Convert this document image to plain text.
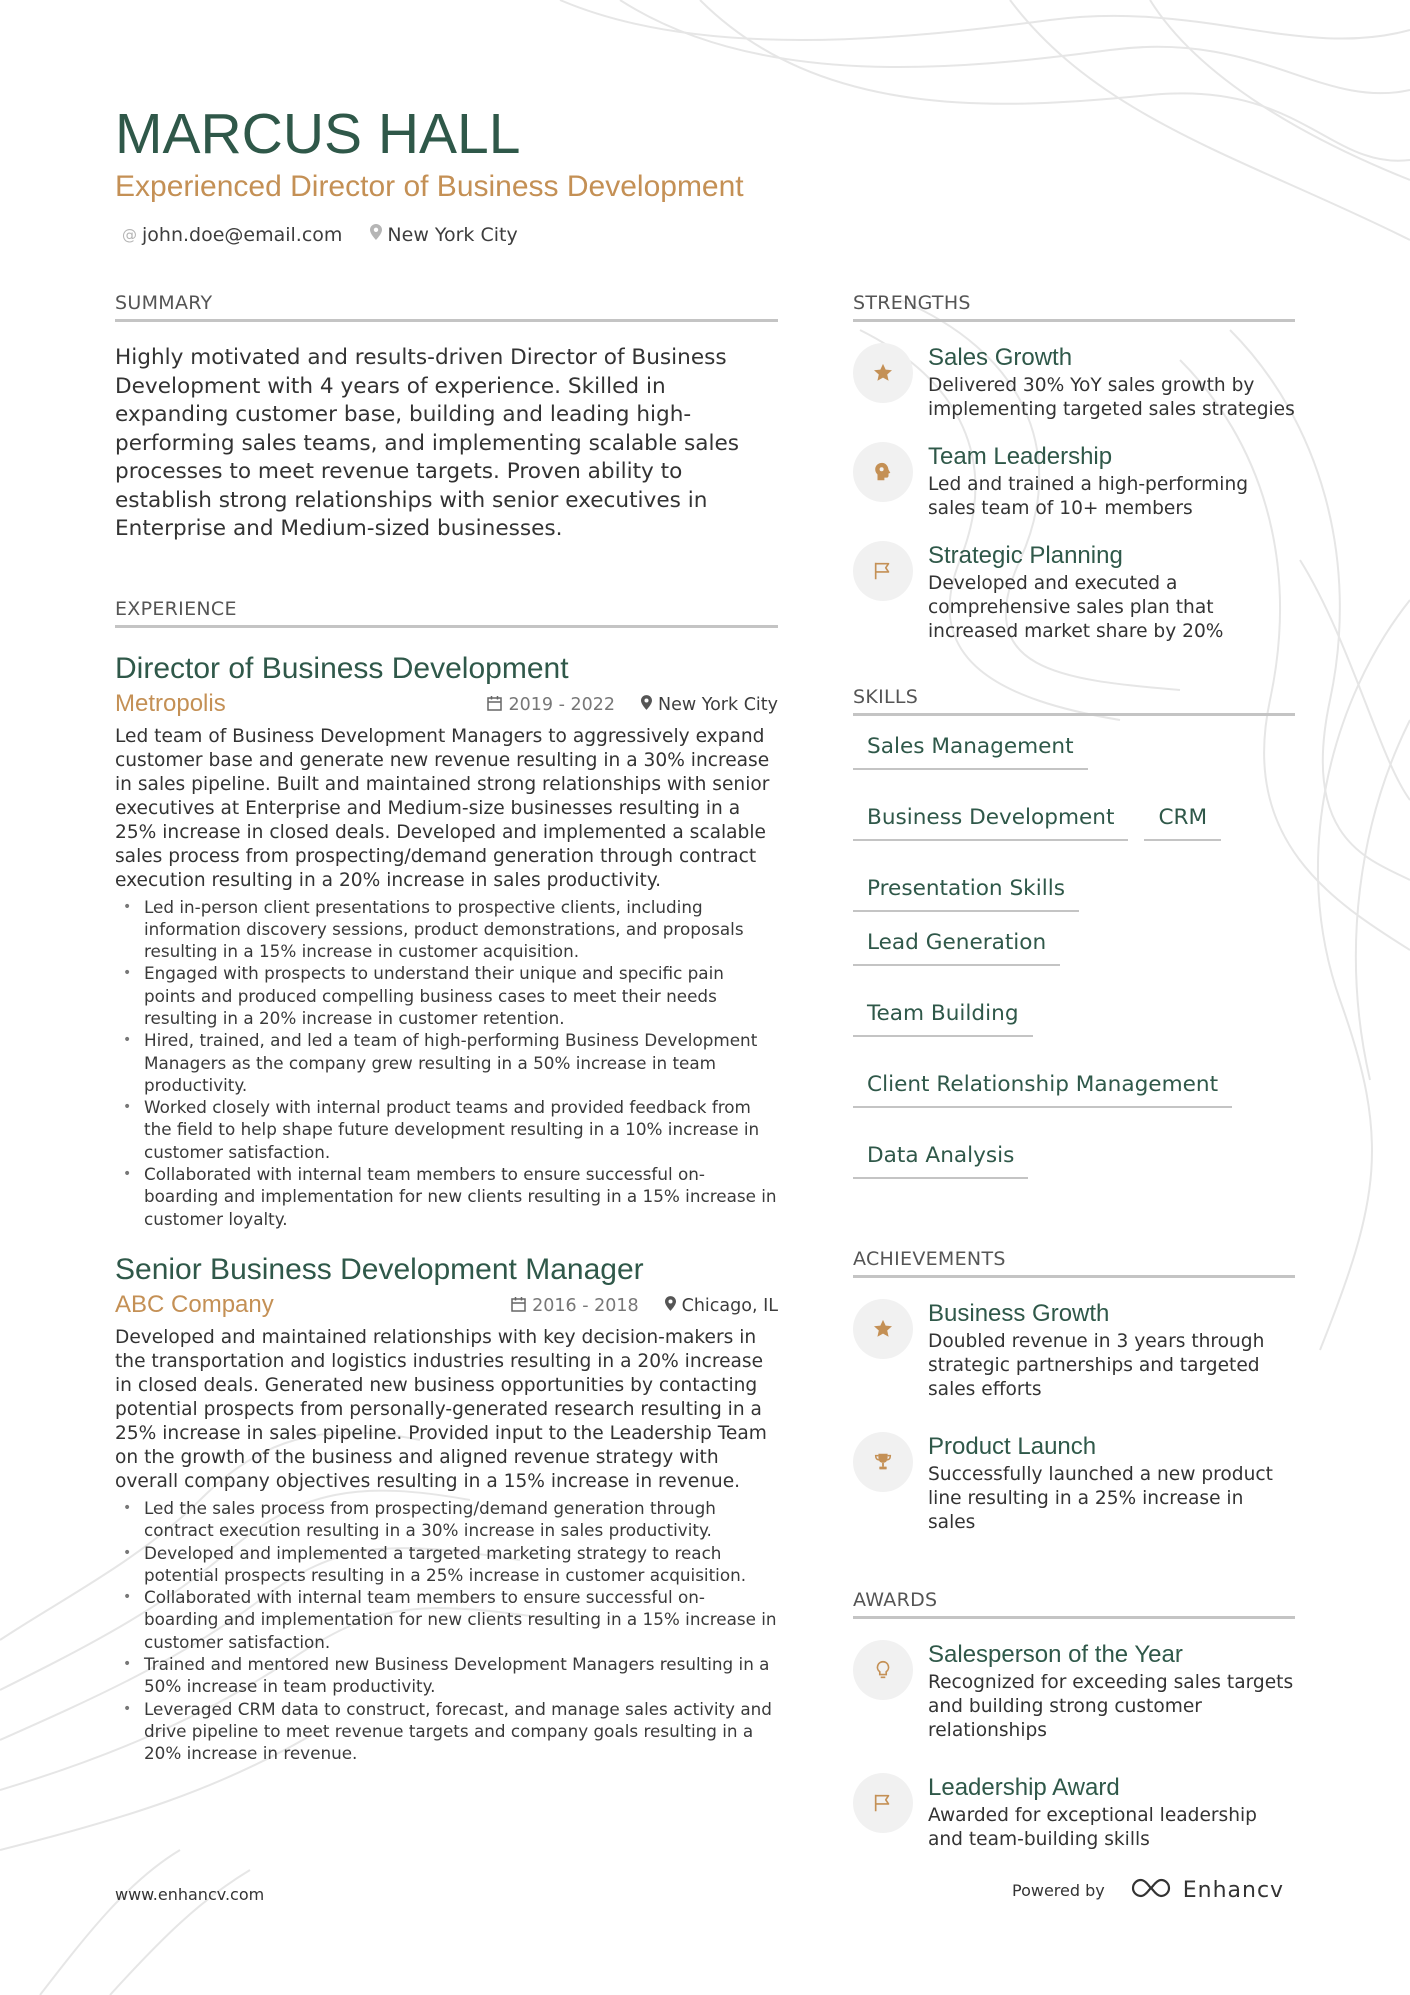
MARCUS HALL
Experienced Director of Business Development
@ john.doe@email.com New York City
SUMMARY

Highly motivated and results-driven Director of Business Development with 4 years of experience. Skilled in expanding customer base, building and leading high-performing sales teams, and implementing scalable sales processes to meet revenue targets. Proven ability to establish strong relationships with senior executives in Enterprise and Medium-sized businesses.

EXPERIENCE
Director of Business Development
Metropolis	2019 - 2022 New York City

Led team of Business Development Managers to aggressively expand customer base and generate new revenue resulting in a 30% increase in sales pipeline. Built and maintained strong relationships with senior executives at Enterprise and Medium-size businesses resulting in a 25% increase in closed deals. Developed and implemented a scalable sales process from prospecting/demand generation through contract execution resulting in a 20% increase in sales productivity.

• Led in-person client presentations to prospective clients, including information discovery sessions, product demonstrations, and proposals resulting in a 15% increase in customer acquisition.
• Engaged with prospects to understand their unique and specific pain points and produced compelling business cases to meet their needs resulting in a 20% increase in customer retention.
• Hired, trained, and led a team of high-performing Business Development Managers as the company grew resulting in a 50% increase in team productivity.
• Worked closely with internal product teams and provided feedback from the field to help shape future development resulting in a 10% increase in customer satisfaction.
• Collaborated with internal team members to ensure successful on-boarding and implementation for new clients resulting in a 15% increase in customer loyalty.
Senior Business Development Manager
ABC Company	2016 - 2018 Chicago, IL

Developed and maintained relationships with key decision-makers in the transportation and logistics industries resulting in a 20% increase in closed deals. Generated new business opportunities by contacting potential prospects from personally-generated research resulting in a 25% increase in sales pipeline. Provided input to the Leadership Team on the growth of the business and aligned revenue strategy with overall company objectives resulting in a 15% increase in revenue.

• Led the sales process from prospecting/demand generation through contract execution resulting in a 30% increase in sales productivity.
• Developed and implemented a targeted marketing strategy to reach potential prospects resulting in a 25% increase in customer acquisition.
• Collaborated with internal team members to ensure successful on-boarding and implementation for new clients resulting in a 15% increase in customer satisfaction.
• Trained and mentored new Business Development Managers resulting in a 50% increase in team productivity.
• Leveraged CRM data to construct, forecast, and manage sales activity and drive pipeline to meet revenue targets and company goals resulting in a 20% increase in revenue.
STRENGTHS
Sales Growth
Delivered 30% YoY sales growth by implementing targeted sales strategies
Team Leadership
Led and trained a high-performing sales team of 10+ members
Strategic Planning
Developed and executed a comprehensive sales plan that increased market share by 20%
SKILLS
Sales Management
Business Development	CRM
Presentation Skills
Lead Generation
Team Building
Client Relationship Management
Data Analysis
ACHIEVEMENTS
Business Growth
Doubled revenue in 3 years through strategic partnerships and targeted sales efforts
Product Launch
Successfully launched a new product line resulting in a 25% increase in sales
AWARDS
Salesperson of the Year
Recognized for exceeding sales targets and building strong customer relationships
Leadership Award
Awarded for exceptional leadership and team-building skills
www.enhancv.com	Powered by	Enhancv
